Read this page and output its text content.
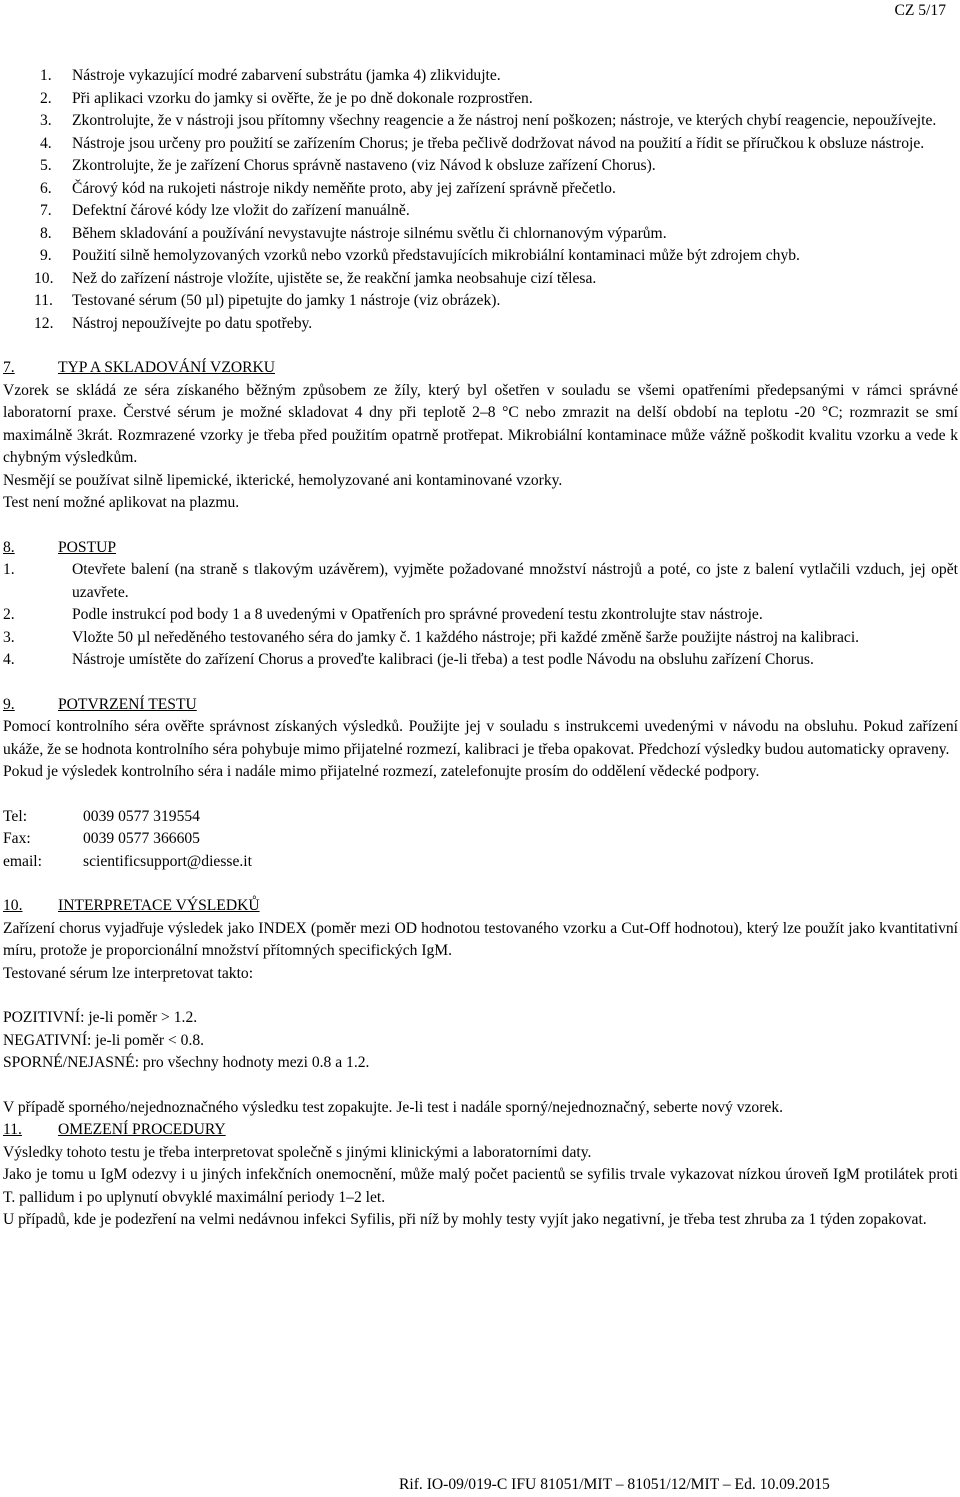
CZ 5/17
1. Nástroje vykazující modré zabarvení substrátu (jamka 4) zlikvidujte.
2. Při aplikaci vzorku do jamky si ověřte, že je po dně dokonale rozprostřen.
3. Zkontrolujte, že v nástroji jsou přítomny všechny reagencie a že nástroj není poškozen; nástroje, ve kterých chybí reagencie, nepoužívejte.
4. Nástroje jsou určeny pro použití se zařízením Chorus; je třeba pečlivě dodržovat návod na použití a řídit se příručkou k obsluze nástroje.
5. Zkontrolujte, že je zařízení Chorus správně nastaveno (viz Návod k obsluze zařízení Chorus).
6. Čárový kód na rukojeti nástroje nikdy neměňte proto, aby jej zařízení správně přečetlo.
7. Defektní čárové kódy lze vložit do zařízení manuálně.
8. Během skladování a používání nevystavujte nástroje silnému světlu či chlornanovým výparům.
9. Použití silně hemolyzovaných vzorků nebo vzorků představujících mikrobiální kontaminaci může být zdrojem chyb.
10. Než do zařízení nástroje vložíte, ujistěte se, že reakční jamka neobsahuje cizí tělesa.
11. Testované sérum (50 µl) pipetujte do jamky 1 nástroje (viz obrázek).
12. Nástroj nepoužívejte po datu spotřeby.
7.	TYP A SKLADOVÁNÍ VZORKU

Vzorek se skládá ze séra získaného běžným způsobem ze žíly, který byl ošetřen v souladu se všemi opatřeními předepsanými v rámci správné laboratorní praxe. Čerstvé sérum je možné skladovat 4 dny při teplotě 2–8 °C nebo zmrazit na delší období na teplotu -20 °C; rozmrazit se smí maximálně 3krát. Rozmrazené vzorky je třeba před použitím opatrně protřepat. Mikrobiální kontaminace může vážně poškodit kvalitu vzorku a vede k chybným výsledkům.

Nesmějí se používat silně lipemické, ikterické, hemolyzované ani kontaminované vzorky.

Test není možné aplikovat na plazmu.

8.	POSTUP
1.	Otevřete balení (na straně s tlakovým uzávěrem), vyjměte požadované množství nástrojů a poté, co jste z balení vytlačili vzduch, jej opět uzavřete.
2.	Podle instrukcí pod body 1 a 8 uvedenými v Opatřeních pro správné provedení testu zkontrolujte stav nástroje.
3.	Vložte 50 µl neředěného testovaného séra do jamky č. 1 každého nástroje; při každé změně šarže použijte nástroj na kalibraci.
4.	Nástroje umístěte do zařízení Chorus a proveďte kalibraci (je-li třeba) a test podle Návodu na obsluhu zařízení Chorus.
9.	POTVRZENÍ TESTU

Pomocí kontrolního séra ověřte správnost získaných výsledků. Použijte jej v souladu s instrukcemi uvedenými v návodu na obsluhu. Pokud zařízení ukáže, že se hodnota kontrolního séra pohybuje mimo přijatelné rozmezí, kalibraci je třeba opakovat. Předchozí výsledky budou automaticky opraveny.

Pokud je výsledek kontrolního séra i nadále mimo přijatelné rozmezí, zatelefonujte prosím do oddělení vědecké podpory.

Tel:	0039 0577 319554
Fax:	0039 0577 366605
email:	scientificsupport@diesse.it
10. INTERPRETACE VÝSLEDKŮ

Zařízení chorus vyjadřuje výsledek jako INDEX (poměr mezi OD hodnotou testovaného vzorku a Cut-Off hodnotou), který lze použít jako kvantitativní míru, protože je proporcionální množství přítomných specifických IgM.

Testované sérum lze interpretovat takto:

POZITIVNÍ: je-li poměr > 1.2.

NEGATIVNÍ: je-li poměr < 0.8.

SPORNÉ/NEJASNÉ: pro všechny hodnoty mezi 0.8 a 1.2.

V případě sporného/nejednoznačného výsledku test zopakujte. Je-li test i nadále sporný/nejednoznačný, seberte nový vzorek.

11. OMEZENÍ PROCEDURY

Výsledky tohoto testu je třeba interpretovat společně s jinými klinickými a laboratorními daty.

Jako je tomu u IgM odezvy i u jiných infekčních onemocnění, může malý počet pacientů se syfilis trvale vykazovat nízkou úroveň IgM protilátek proti T. pallidum i po uplynutí obvyklé maximální periody 1–2 let.

U případů, kde je podezření na velmi nedávnou infekci Syfilis, při níž by mohly testy vyjít jako negativní, je třeba test zhruba za 1 týden zopakovat.

Rif. IO-09/019-C IFU 81051/MIT – 81051/12/MIT – Ed. 10.09.2015
